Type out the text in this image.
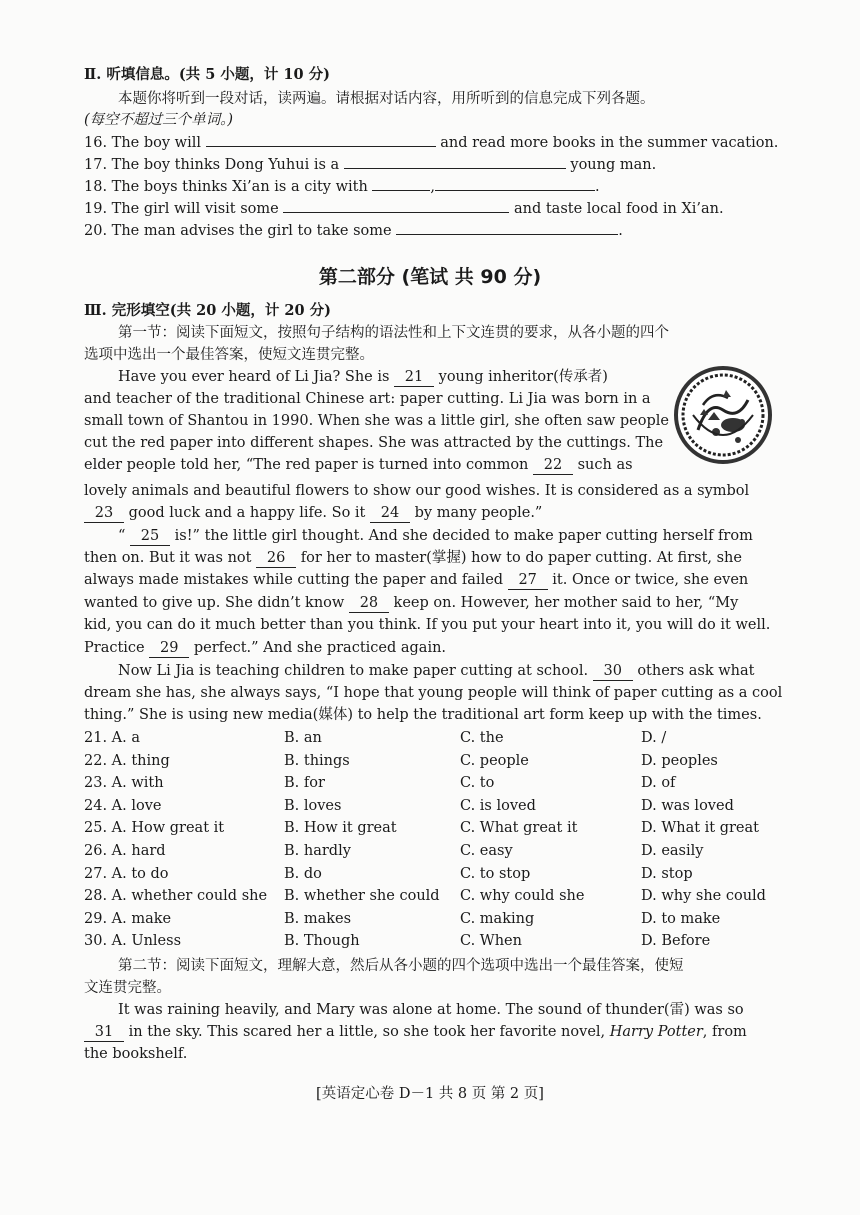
Ⅱ. 听填信息。(共 5 小题，计 10 分)
本题你将听到一段对话，读两遍。请根据对话内容，用所听到的信息完成下列各题。
(每空不超过三个单词。)
16. The boy will	and read more books in the summer vacation.
17. The boy thinks Dong Yuhui is a	young man.
18. The boys thinks Xi’an is a city with	,	.
19. The girl will visit some	and taste local food in Xi’an.
20. The man advises the girl to take some	.
第二部分 (笔试 共 90 分)
Ⅲ. 完形填空(共 20 小题，计 20 分)
第一节：阅读下面短文，按照句子结构的语法性和上下文连贯的要求，从各小题的四个
选项中选出一个最佳答案，使短文连贯完整。
Have you ever heard of Li Jia? She is 21 young inheritor(传承者)
and teacher of the traditional Chinese art: paper cutting. Li Jia was born in a
small town of Shantou in 1990. When she was a little girl, she often saw people
cut the red paper into different shapes. She was attracted by the cuttings. The
elder people told her, “The red paper is turned into common 22 such as
lovely animals and beautiful flowers to show our good wishes. It is considered as a symbol
23 good luck and a happy life. So it 24 by many people.”
“ 25 is!” the little girl thought. And she decided to make paper cutting herself from
then on. But it was not 26 for her to master(掌握) how to do paper cutting. At first, she
always made mistakes while cutting the paper and failed 27 it. Once or twice, she even
wanted to give up. She didn’t know 28 keep on. However, her mother said to her, “My
kid, you can do it much better than you think. If you put your heart into it, you will do it well.
Practice 29 perfect.” And she practiced again.
Now Li Jia is teaching children to make paper cutting at school. 30 others ask what
dream she has, she always says, “I hope that young people will think of paper cutting as a cool
thing.” She is using new media(媒体) to help the traditional art form keep up with the times.
21. A. a	B. an	C. the	D. /
22. A. thing	B. things	C. people	D. peoples
23. A. with	B. for	C. to	D. of
24. A. love	B. loves	C. is loved	D. was loved
25. A. How great it	B. How it great	C. What great it	D. What it great
26. A. hard	B. hardly	C. easy	D. easily
27. A. to do	B. do	C. to stop	D. stop
28. A. whether could she B. whether she could C. why could she	D. why she could
29. A. make	B. makes	C. making	D. to make
30. A. Unless	B. Though	C. When	D. Before
第二节：阅读下面短文，理解大意，然后从各小题的四个选项中选出一个最佳答案，使短
文连贯完整。
It was raining heavily, and Mary was alone at home. The sound of thunder(雷) was so
31 in the sky. This scared her a little, so she took her favorite novel, Harry Potter, from
the bookshelf.
[英语定心卷 D－1 共 8 页 第 2 页]
